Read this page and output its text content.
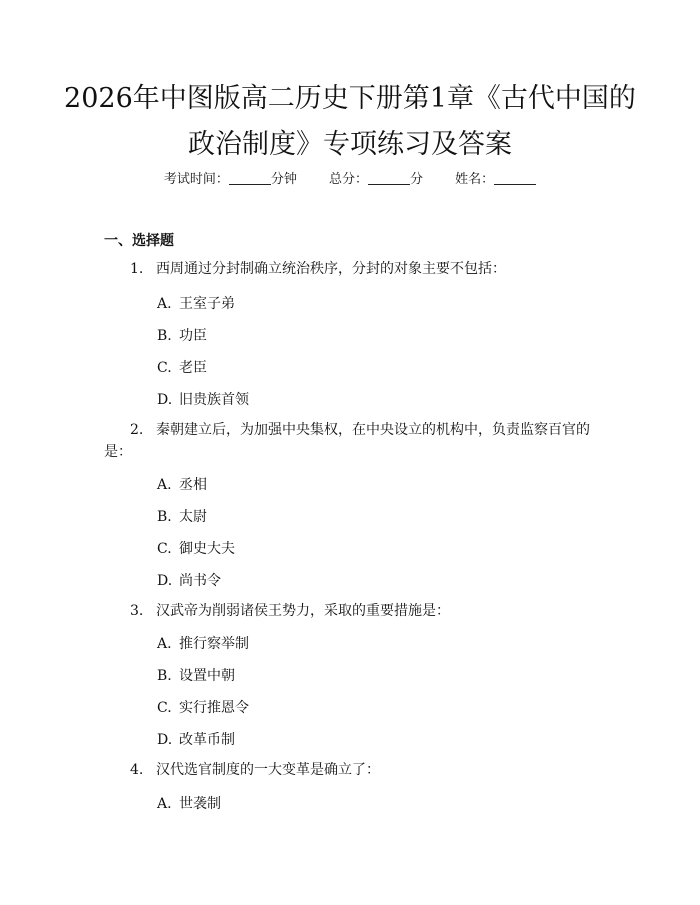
2026年中图版高二历史下册第1章《古代中国的政治制度》专项练习及答案
考试时间：	分钟 总分：	分 姓名：
一、选择题
1. 西周通过分封制确立统治秩序，分封的对象主要不包括：
A. 王室子弟
B. 功臣
C. 老臣
D. 旧贵族首领
2. 秦朝建立后，为加强中央集权，在中央设立的机构中，负责监察百官的是：
A. 丞相
B. 太尉
C. 御史大夫
D. 尚书令
3. 汉武帝为削弱诸侯王势力，采取的重要措施是：
A. 推行察举制
B. 设置中朝
C. 实行推恩令
D. 改革币制
4. 汉代选官制度的一大变革是确立了：
A. 世袭制
